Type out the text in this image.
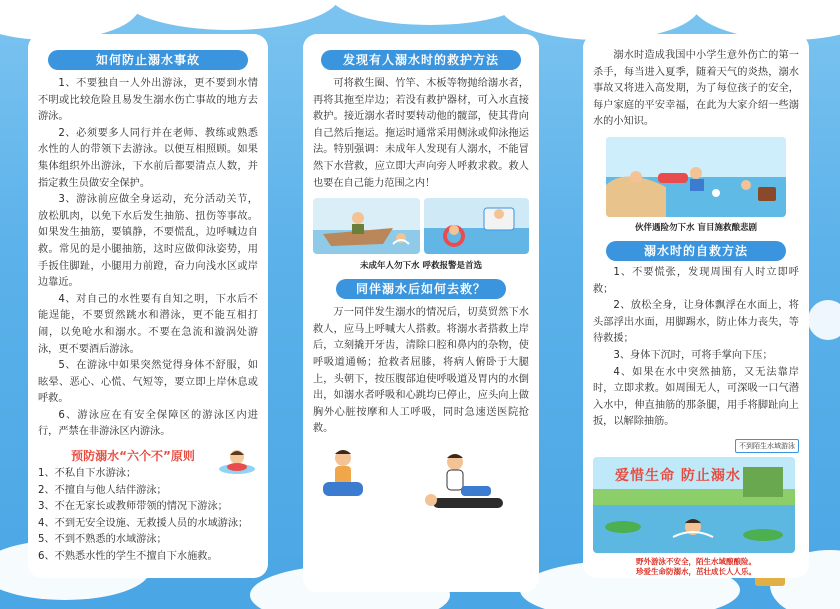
如何防止溺水事故

1、不要独自一人外出游泳，更不要到水情不明或比较危险且易发生溺水伤亡事故的地方去游泳。

2、必须要多人同行并在老师、教练或熟悉水性的人的带领下去游泳。以便互相照顾。如果集体组织外出游泳，下水前后都要清点人数，并指定救生员做安全保护。

3、游泳前应做全身运动，充分活动关节，放松肌肉，以免下水后发生抽筋、扭伤等事故。如果发生抽筋，要镇静，不要慌乱，边呼喊边自救。常见的是小腿抽筋，这时应做仰泳姿势，用手扳住脚趾，小腿用力前蹬，奋力向浅水区或岸边靠近。

4、对自己的水性要有自知之明，下水后不能逞能，不要贸然跳水和潜泳，更不能互相打闹，以免呛水和溺水。不要在急流和漩涡处游泳，更不要酒后游泳。

5、在游泳中如果突然觉得身体不舒服，如眩晕、恶心、心慌、气短等，要立即上岸休息或呼救。

6、游泳应在有安全保障区的游泳区内进行，严禁在非游泳区内游泳。

预防溺水“六个不”原则

1、不私自下水游泳；

2、不擅自与他人结伴游泳；

3、不在无家长或教师带领的情况下游泳；

4、不到无安全设施、无救援人员的水域游泳；

5、不到不熟悉的水域游泳；

6、不熟悉水性的学生不擅自下水施救。

发现有人溺水时的救护方法

可将救生圈、竹竿、木板等物抛给溺水者，再将其拖至岸边；若没有救护器材，可入水直接救护。接近溺水者时要转动他的髋部，使其背向自己然后拖运。拖运时通常采用侧泳或仰泳拖运法。特别强调：未成年人发现有人溺水，不能冒然下水营救，应立即大声向旁人呼救求救。救人也要在自己能力范围之内！

未成年人勿下水 呼救报警是首选
同伴溺水后如何去救？

万一同伴发生溺水的情况后，切莫贸然下水救人，应马上呼喊大人搭救。将溺水者搭救上岸后，立刻撬开牙齿，清除口腔和鼻内的杂物，使呼吸道通畅；抢救者屈膝，将病人俯卧于大腿上，头朝下，按压腹部迫使呼吸道及胃内的水倒出，如溺水者呼吸和心跳均已停止，应头向上做胸外心脏按摩和人工呼吸，同时急速送医院抢救。

溺水时造成我国中小学生意外伤亡的第一杀手，每当进入夏季，随着天气的炎热，溺水事故又将进入高发期，为了每位孩子的安全，每户家庭的平安幸福，在此为大家介绍一些溺水的小知识。

伙伴遇险勿下水 盲目施救酿悲剧
溺水时的自救方法

1、不要慌张，发现周围有人时立即呼救；

2、放松全身，让身体飘浮在水面上，将头部浮出水面，用脚踢水，防止体力丧失，等待救援；

3、身体下沉时，可将手掌向下压；

4、如果在水中突然抽筋，又无法靠岸时，立即求救。如周围无人，可深吸一口气潜入水中，伸直抽筋的那条腿，用手将脚趾向上扳，以解除抽筋。

不到陌生水域游泳
爱惜生命 防止溺水
野外游泳不安全，陌生水域酿酿险。
珍爱生命防溺水，茁壮成长人人乐。
